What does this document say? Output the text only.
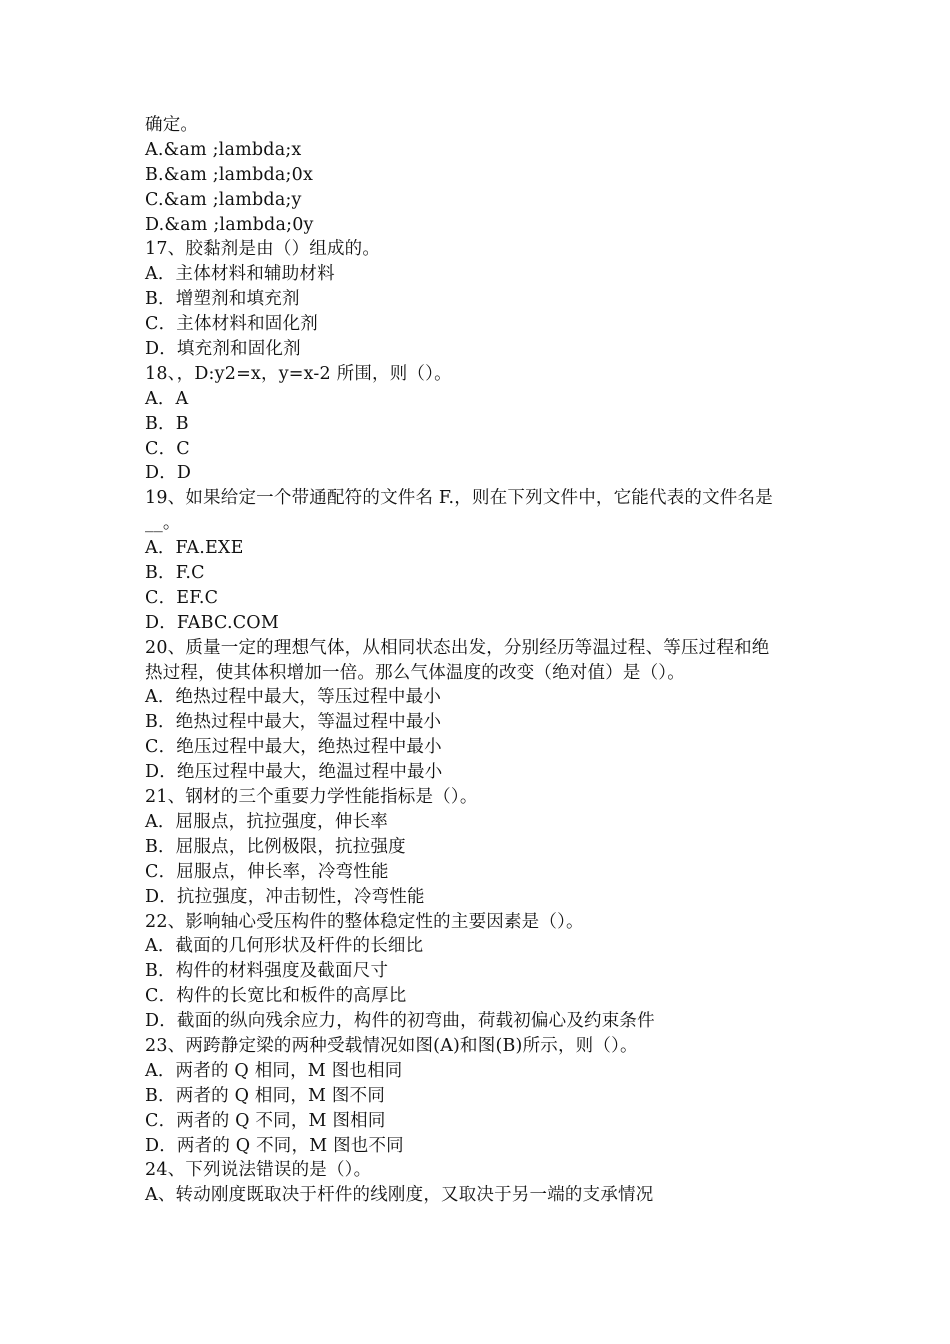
确定。
A.&am ;lambda;x
B.&am ;lambda;0x
C.&am ;lambda;y
D.&am ;lambda;0y
17、胶黏剂是由（）组成的。
A．主体材料和辅助材料
B．增塑剂和填充剂
C．主体材料和固化剂
D．填充剂和固化剂
18、，D:y2=x，y=x-2 所围，则（）。
A．A
B．B
C．C
D．D
19、如果给定一个带通配符的文件名 F.，则在下列文件中，它能代表的文件名是
__。
A．FA.EXE
B．F.C
C．EF.C
D．FABC.COM
20、质量一定的理想气体，从相同状态出发，分别经历等温过程、等压过程和绝
热过程，使其体积增加一倍。那么气体温度的改变（绝对值）是（）。
A．绝热过程中最大，等压过程中最小
B．绝热过程中最大，等温过程中最小
C．绝压过程中最大，绝热过程中最小
D．绝压过程中最大，绝温过程中最小
21、钢材的三个重要力学性能指标是（）。
A．屈服点，抗拉强度，伸长率
B．屈服点，比例极限，抗拉强度
C．屈服点，伸长率，冷弯性能
D．抗拉强度，冲击韧性，冷弯性能
22、影响轴心受压构件的整体稳定性的主要因素是（）。
A．截面的几何形状及杆件的长细比
B．构件的材料强度及截面尺寸
C．构件的长宽比和板件的高厚比
D．截面的纵向残余应力，构件的初弯曲，荷载初偏心及约束条件
23、两跨静定梁的两种受载情况如图(A)和图(B)所示，则（）。
A．两者的 Q 相同，M 图也相同
B．两者的 Q 相同，M 图不同
C．两者的 Q 不同，M 图相同
D．两者的 Q 不同，M 图也不同
24、下列说法错误的是（）。
A、转动刚度既取决于杆件的线刚度，又取决于另一端的支承情况
